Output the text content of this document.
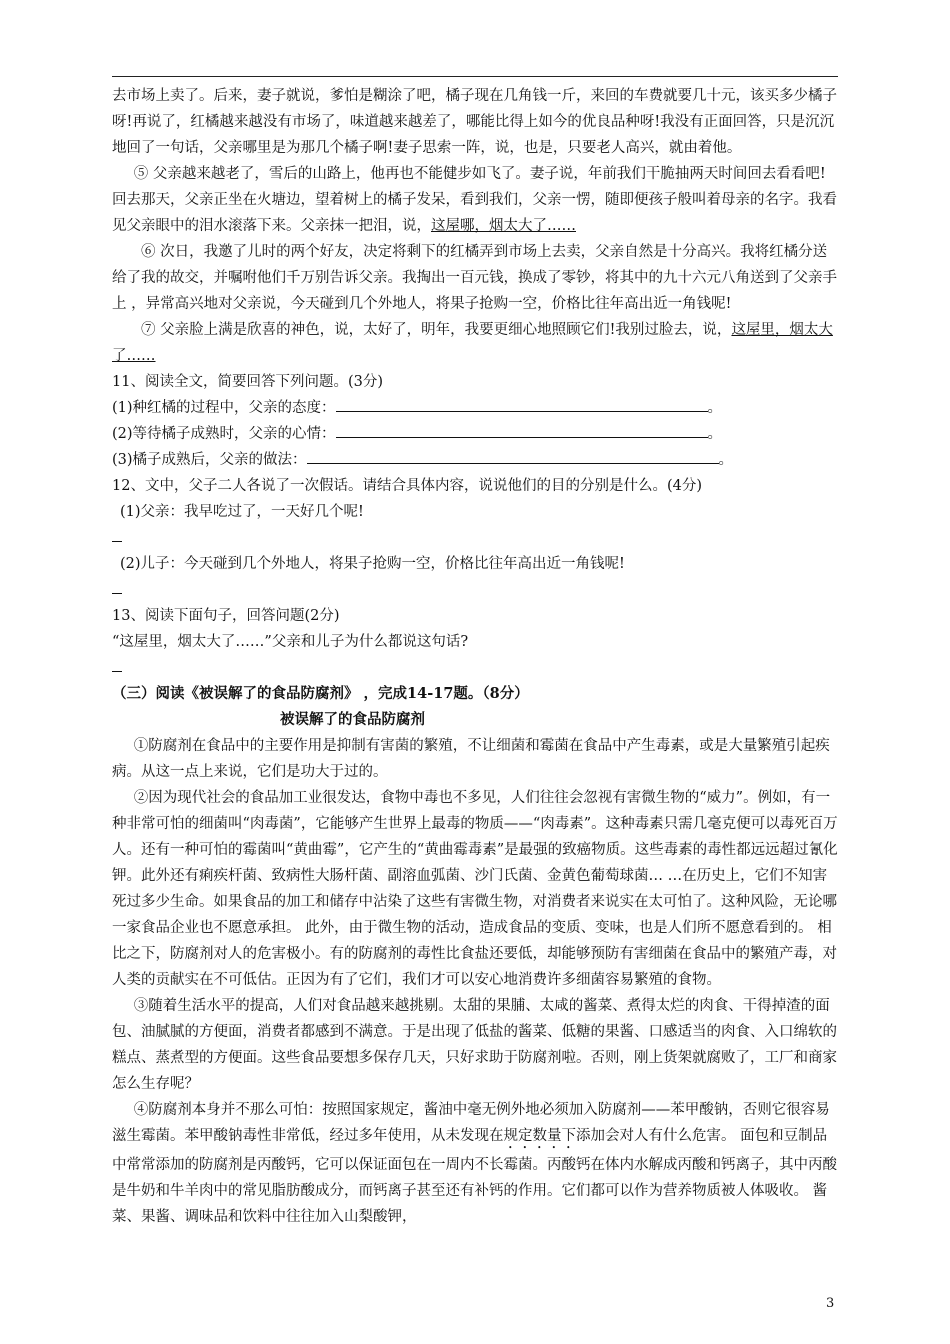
去市场上卖了。后来，妻子就说，爹怕是糊涂了吧，橘子现在几角钱一斤，来回的车费就要几十元，该买多少橘子呀!再说了，红橘越来越没有市场了，味道越来越差了，哪能比得上如今的优良品种呀!我没有正面回答，只是沉沉地回了一句话，父亲哪里是为那几个橘子啊!妻子思索一阵，说，也是，只要老人高兴，就由着他。

⑤ 父亲越来越老了，雪后的山路上，他再也不能健步如飞了。妻子说，年前我们干脆抽两天时间回去看看吧!回去那天，父亲正坐在火塘边，望着树上的橘子发呆，看到我们，父亲一愣，随即便孩子般叫着母亲的名字。我看见父亲眼中的泪水滚落下来。父亲抹一把泪，说，这屋哪，烟太大了……

⑥ 次日，我邀了儿时的两个好友，决定将剩下的红橘弄到市场上去卖，父亲自然是十分高兴。我将红橘分送给了我的故交，并嘱咐他们千万别告诉父亲。我掏出一百元钱，换成了零钞，将其中的九十六元八角送到了父亲手上 ，异常高兴地对父亲说，今天碰到几个外地人，将果子抢购一空，价格比往年高出近一角钱呢!

⑦ 父亲脸上满是欣喜的神色，说，太好了，明年，我要更细心地照顾它们!我别过脸去，说，这屋里，烟太大了……

11、阅读全文，简要回答下列问题。(3分)

(1)种红橘的过程中，父亲的态度：	。

(2)等待橘子成熟时，父亲的心情：	。

(3)橘子成熟后，父亲的做法：	。

12、文中，父子二人各说了一次假话。请结合具体内容，说说他们的目的分别是什么。(4分)

(1)父亲：我早吃过了，一天好几个呢!

(2)儿子：今天碰到几个外地人，将果子抢购一空，价格比往年高出近一角钱呢!

13、阅读下面句子，回答问题(2分)

“这屋里，烟太大了……”父亲和儿子为什么都说这句话?

（三）阅读《被误解了的食品防腐剂》 ，完成14-17题。（8分）

被误解了的食品防腐剂

①防腐剂在食品中的主要作用是抑制有害菌的繁殖，不让细菌和霉菌在食品中产生毒素，或是大量繁殖引起疾病。从这一点上来说，它们是功大于过的。

②因为现代社会的食品加工业很发达，食物中毒也不多见，人们往往会忽视有害微生物的“威力”。例如，有一种非常可怕的细菌叫“肉毒菌”，它能够产生世界上最毒的物质——“肉毒素”。这种毒素只需几毫克便可以毒死百万人。还有一种可怕的霉菌叫“黄曲霉”，它产生的“黄曲霉毒素”是最强的致癌物质。这些毒素的毒性都远远超过氰化钾。此外还有痢疾杆菌、致病性大肠杆菌、副溶血弧菌、沙门氏菌、金黄色葡萄球菌… …在历史上，它们不知害死过多少生命。如果食品的加工和储存中沾染了这些有害微生物，对消费者来说实在太可怕了。这种风险，无论哪一家食品企业也不愿意承担。 此外，由于微生物的活动，造成食品的变质、变味，也是人们所不愿意看到的。 相比之下，防腐剂对人的危害极小。有的防腐剂的毒性比食盐还要低，却能够预防有害细菌在食品中的繁殖产毒，对人类的贡献实在不可低估。正因为有了它们，我们才可以安心地消费许多细菌容易繁殖的食物。

③随着生活水平的提高，人们对食品越来越挑剔。太甜的果脯、太咸的酱菜、煮得太烂的肉食、干得掉渣的面包、油腻腻的方便面，消费者都感到不满意。于是出现了低盐的酱菜、低糖的果酱、口感适当的肉食、入口绵软的糕点、蒸煮型的方便面。这些食品要想多保存几天，只好求助于防腐剂啦。否则，刚上货架就腐败了，工厂和商家怎么生存呢？

④防腐剂本身并不那么可怕：按照国家规定，酱油中毫无例外地必须加入防腐剂——苯甲酸钠，否则它很容易滋生霉菌。苯甲酸钠毒性非常低，经过多年使用，从未发现在规定数量下添加会对人有什么危害。 面包和豆制品中常常添加的防腐剂是丙酸钙，它可以保证面包在一周内不长霉菌。丙酸钙在体内水解成丙酸和钙离子，其中丙酸是牛奶和牛羊肉中的常见脂肪酸成分，而钙离子甚至还有补钙的作用。它们都可以作为营养物质被人体吸收。 酱菜、果酱、调味品和饮料中往往加入山梨酸钾，

3
